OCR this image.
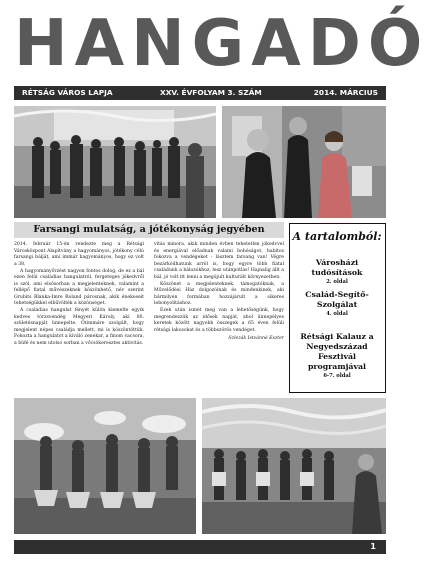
HANGADÓ
RÉTSÁG VÁROS LAPJA	XXV. ÉVFOLYAM 3. SZÁM	2014. MÁRCIUS
Farsangi mulatság, a jótékonyság jegyében

2014. február 15-én rendezte meg a Rétsági Városközpont Alapítvány a hagyományos, jótékony célú farsangi bálját, ami immár hagyományos, hogy ez volt a 38.

A hagyományőrzést nagyon fontos dolog, de ez a bál ezen felül családias hangulatról, fergeteges jókedvről is szól, ami elsősorban a megjelenteknek, valamint a fellépő fiatal művészeknek köszönhető, név szerint Grubits Blanka-Imre Roland párosnak, akik énekeseit tehetségükkel elbűvölték a közönséget.

A családias hangulat fényét külön kiemelte egyik kedves törzsvendég Megyeri Károly, aki 80. születésnapját ünnepelte. Ötimmáre szolgált, hogy megjelent népes családja mellett, mi is köszöntöttük. Fokozta a hangulatot a kiváló zenekar, a finom vacsora, a büfé és nem utolsó sorban a vőcsökeresztes aktivitás.

vitás minora, akik minden évben tehetetlen jókedvvel és energiával előadnak valami bohóságot, habitos fokozva a vendégeket - lásztem farsang van! Végre bezárkódhatunk arról is, hogy egyre több fiatal családunk a bálozókhoz, lesz utánpótlás! Hajnalig állt a bál, jó volt itt lenni a megújult kulturált környezetben.

Köszönet a megjelenteknek, támogatóknak, a Művelődési Ház dolgozóinak és mindenkinek, aki bármilyen formában hozzájárult a sikeres lebonyolításhoz.

Ezek után ismét meg van a lehetőségünk, hogy megrendezzük az idősek napját, ahol ünnepélyes keretek között nagyobb összegek a 65 éven felüli rétsági lakosokat és a többszörös vendéget.

Szlezák Istvánné Eszter

A tartalomból:
Városházi tudósítások
2. oldal
Család-Segítő-Szolgálat
4. oldal
Rétsági Kalauz a Negyedszázad Fesztivál programjával
6-7. oldal
1
